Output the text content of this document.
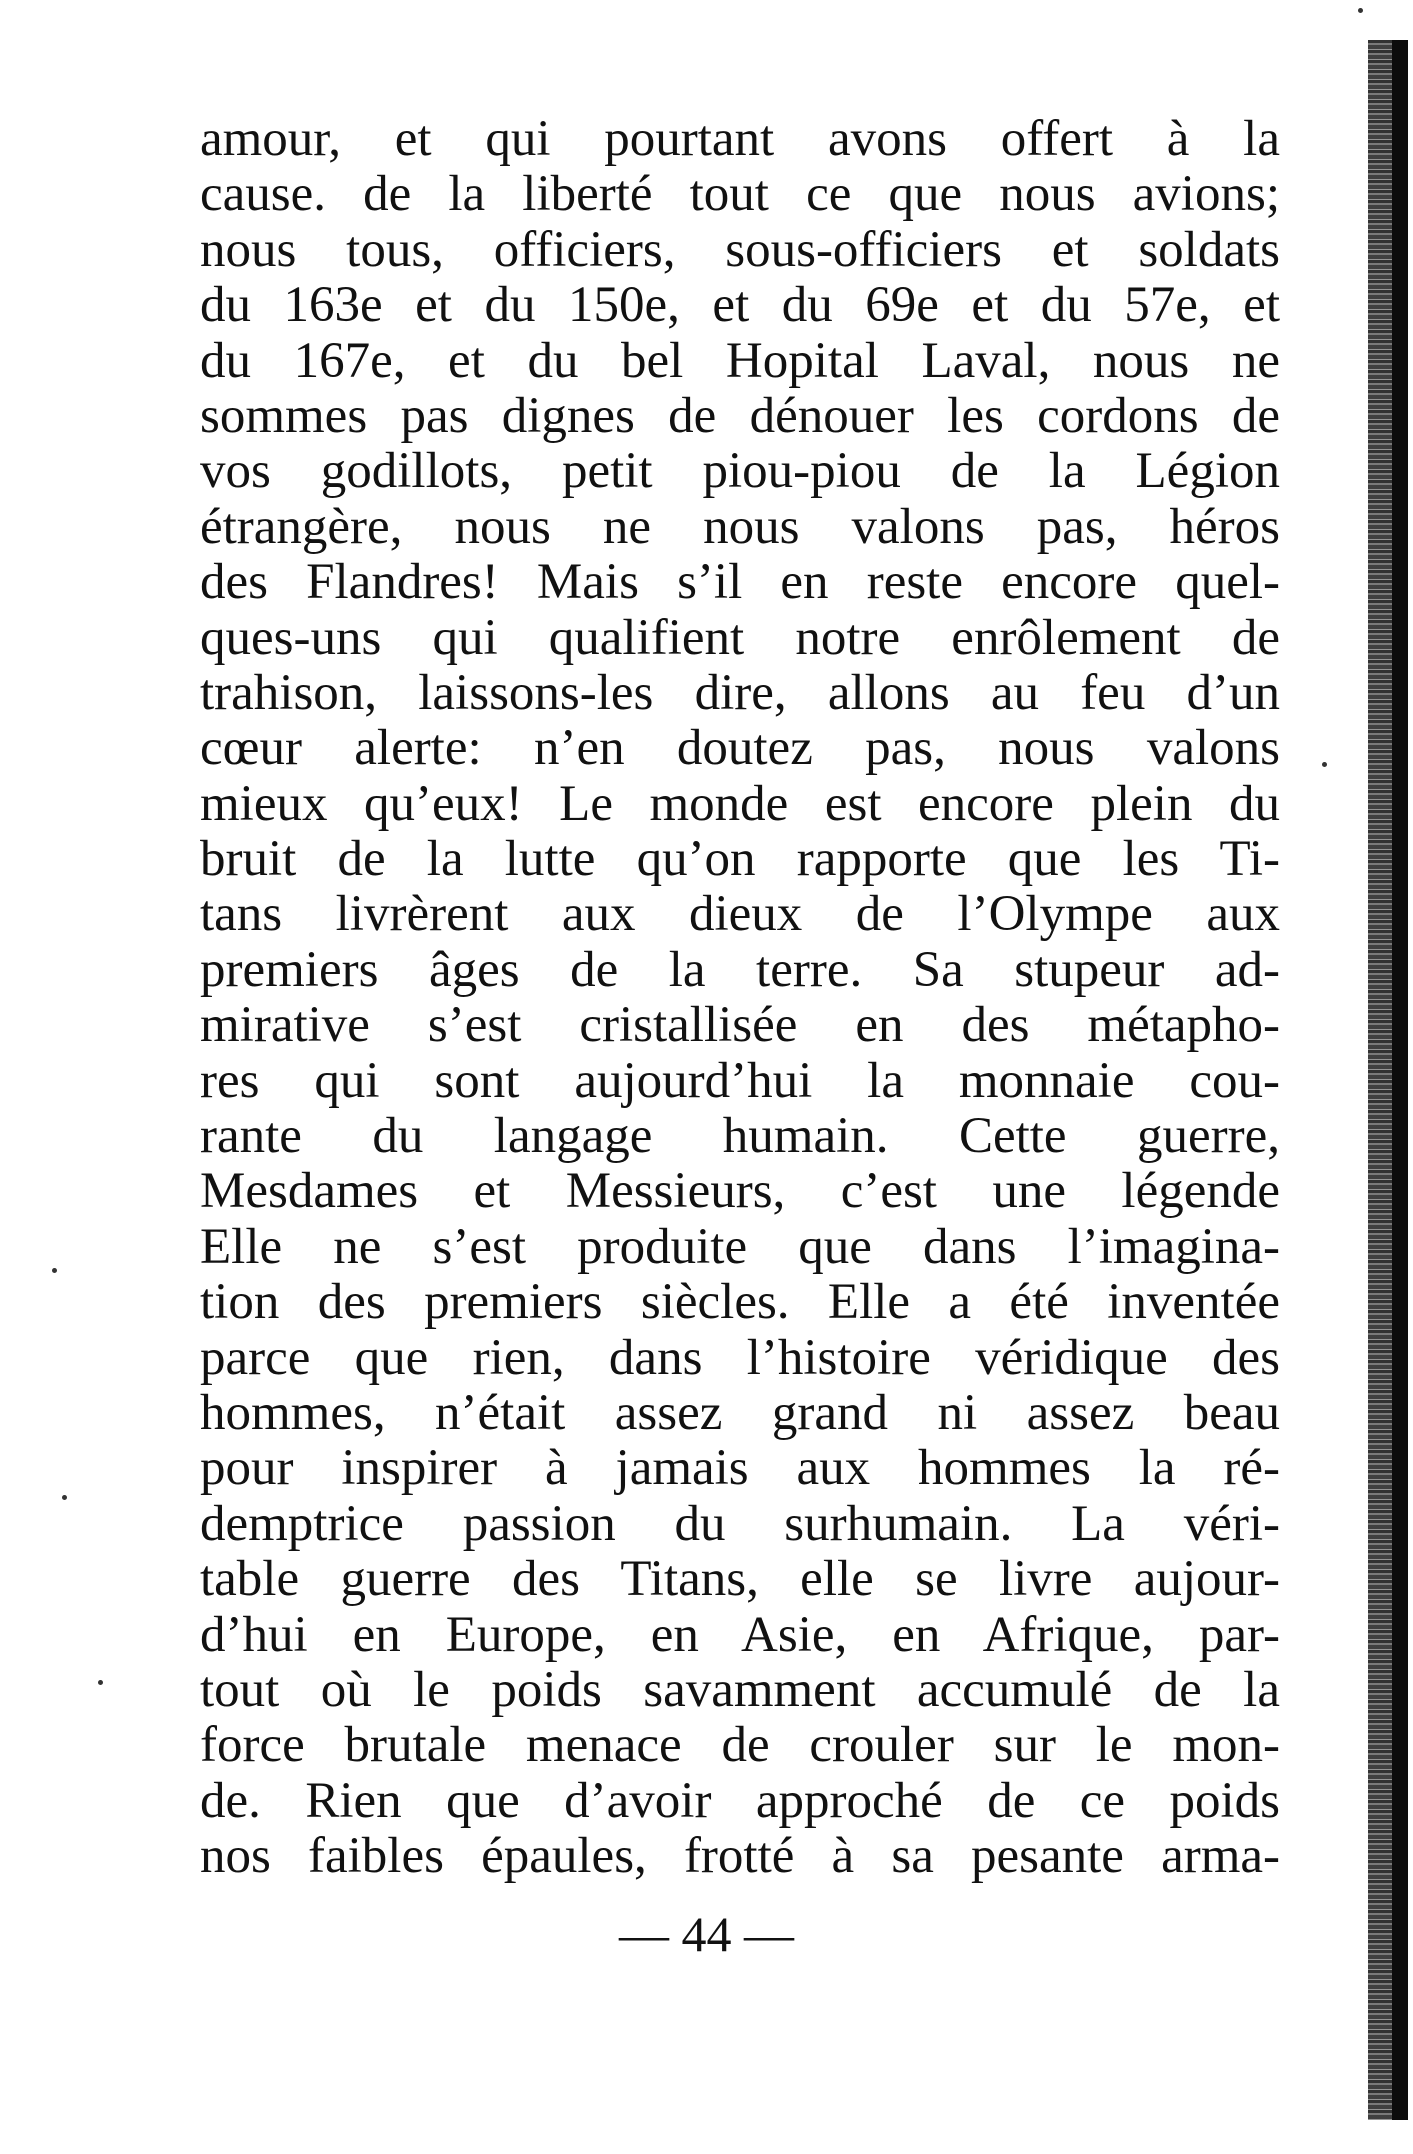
amour, et qui pourtant avons offert à la
cause. de la liberté tout ce que nous avions;
nous tous, officiers, sous-officiers et soldats
du 163e et du 150e, et du 69e et du 57e, et
du 167e, et du bel Hopital Laval, nous ne
sommes pas dignes de dénouer les cordons de
vos godillots, petit piou-piou de la Légion
étrangère, nous ne nous valons pas, héros
des Flandres! Mais s’il en reste encore quel-
ques-uns qui qualifient notre enrôlement de
trahison, laissons-les dire, allons au feu d’un
cœur alerte: n’en doutez pas, nous valons
mieux qu’eux! Le monde est encore plein du
bruit de la lutte qu’on rapporte que les Ti-
tans livrèrent aux dieux de l’Olympe aux
premiers âges de la terre. Sa stupeur ad-
mirative s’est cristallisée en des métapho-
res qui sont aujourd’hui la monnaie cou-
rante du langage humain. Cette guerre,
Mesdames et Messieurs, c’est une légende
Elle ne s’est produite que dans l’imagina-
tion des premiers siècles. Elle a été inventée
parce que rien, dans l’histoire véridique des
hommes, n’était assez grand ni assez beau
pour inspirer à jamais aux hommes la ré-
demptrice passion du surhumain. La véri-
table guerre des Titans, elle se livre aujour-
d’hui en Europe, en Asie, en Afrique, par-
tout où le poids savamment accumulé de la
force brutale menace de crouler sur le mon-
de. Rien que d’avoir approché de ce poids
nos faibles épaules, frotté à sa pesante arma-
— 44 —
